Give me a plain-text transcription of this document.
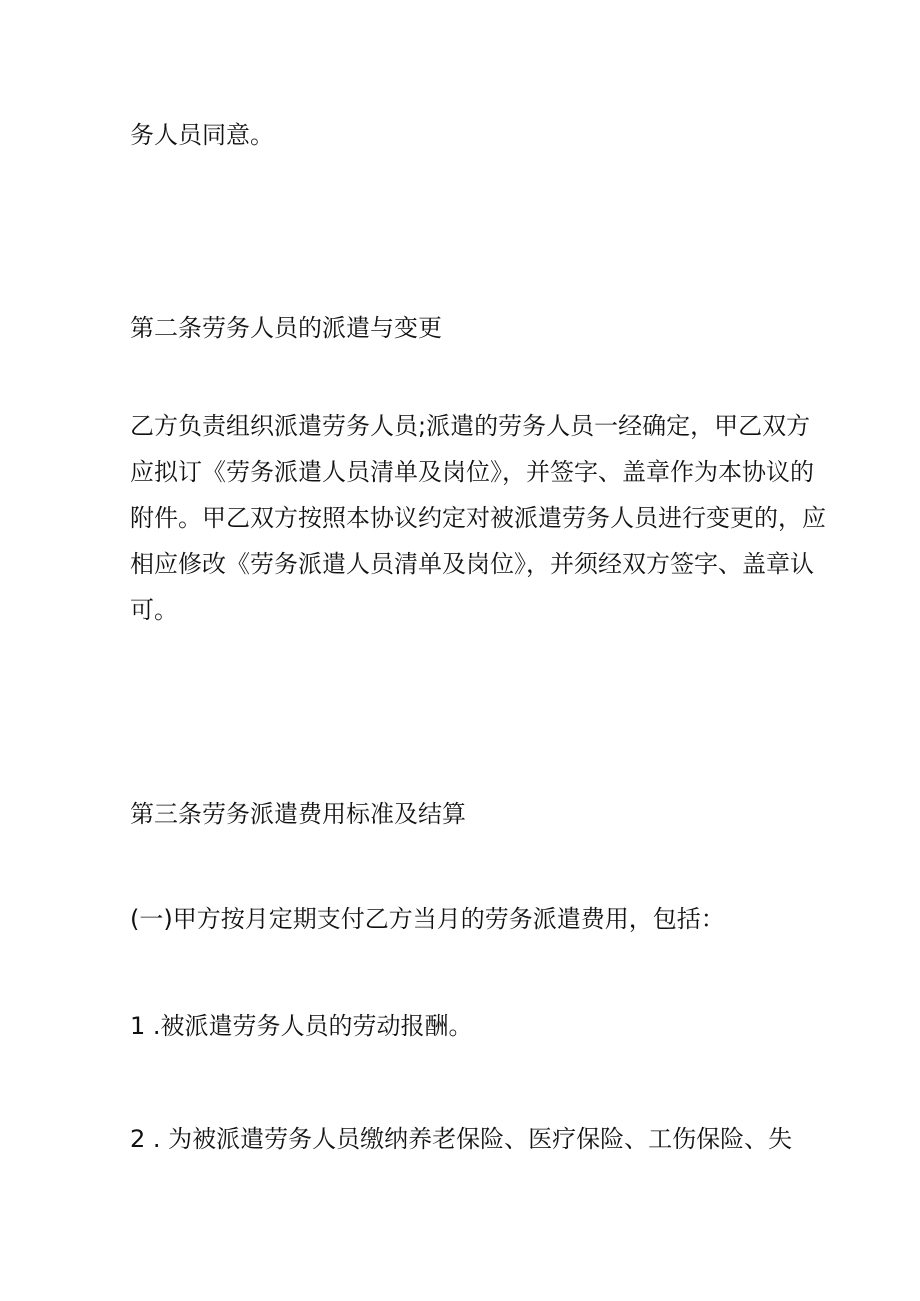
务人员同意。
第二条劳务人员的派遣与变更
乙方负责组织派遣劳务人员;派遣的劳务人员一经确定，甲乙双方
应拟订《劳务派遣人员清单及岗位》，并签字、盖章作为本协议的
附件。甲乙双方按照本协议约定对被派遣劳务人员进行变更的，应
相应修改《劳务派遣人员清单及岗位》，并须经双方签字、盖章认
可。
第三条劳务派遣费用标准及结算
(一)甲方按月定期支付乙方当月的劳务派遣费用，包括：
1 .被派遣劳务人员的劳动报酬。
2 . 为被派遣劳务人员缴纳养老保险、医疗保险、工伤保险、失
